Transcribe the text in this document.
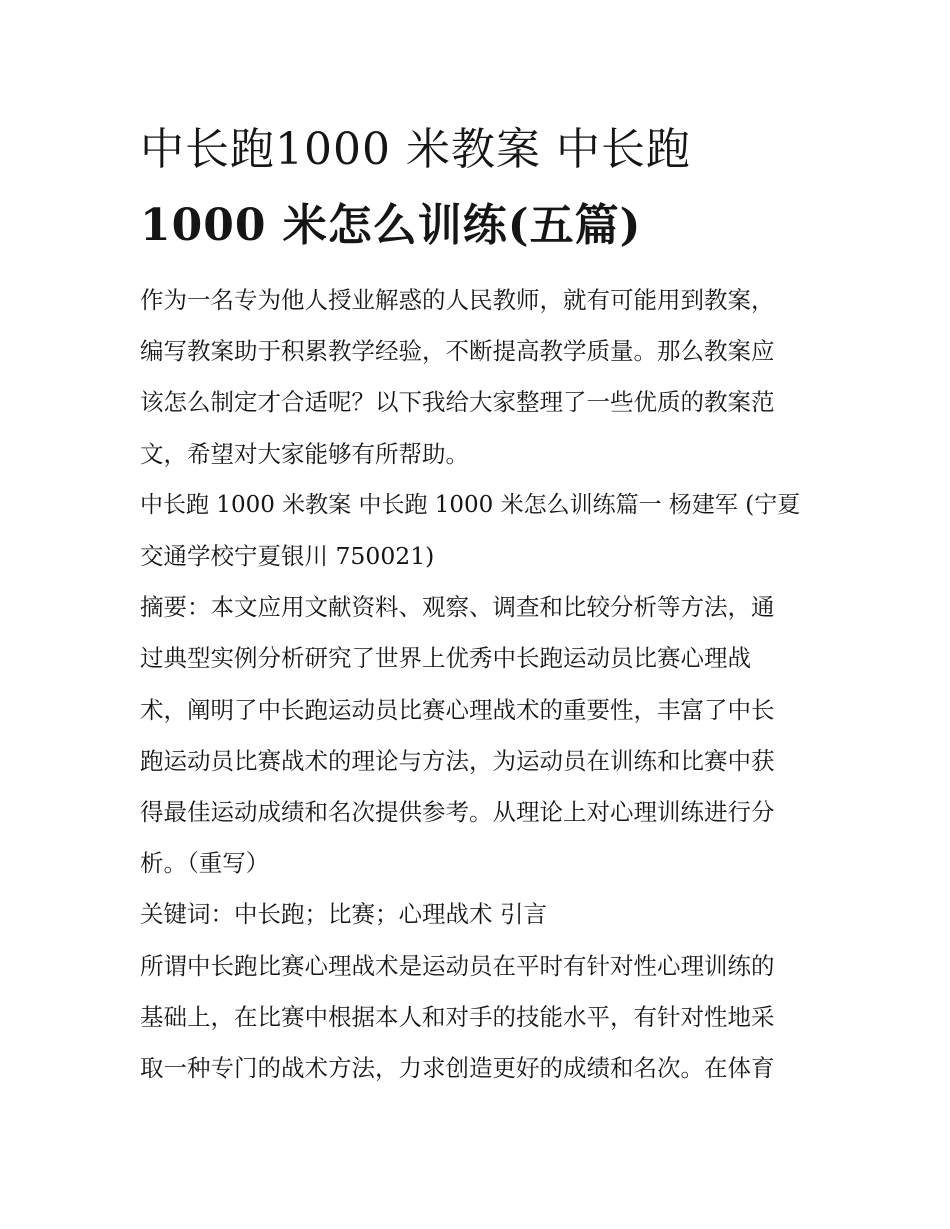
中长跑1000 米教案 中长跑
1000 米怎么训练(五篇)
作为一名专为他人授业解惑的人民教师，就有可能用到教案，
编写教案助于积累教学经验，不断提高教学质量。那么教案应
该怎么制定才合适呢？以下我给大家整理了一些优质的教案范
文，希望对大家能够有所帮助。
中长跑 1000 米教案 中长跑 1000 米怎么训练篇一 杨建军 (宁夏
交通学校宁夏银川 750021)
摘要：本文应用文献资料、观察、调查和比较分析等方法，通
过典型实例分析研究了世界上优秀中长跑运动员比赛心理战
术，阐明了中长跑运动员比赛心理战术的重要性，丰富了中长
跑运动员比赛战术的理论与方法，为运动员在训练和比赛中获
得最佳运动成绩和名次提供参考。从理论上对心理训练进行分
析。（重写）
关键词：中长跑；比赛；心理战术 引言
所谓中长跑比赛心理战术是运动员在平时有针对性心理训练的
基础上，在比赛中根据本人和对手的技能水平，有针对性地采
取一种专门的战术方法，力求创造更好的成绩和名次。在体育
